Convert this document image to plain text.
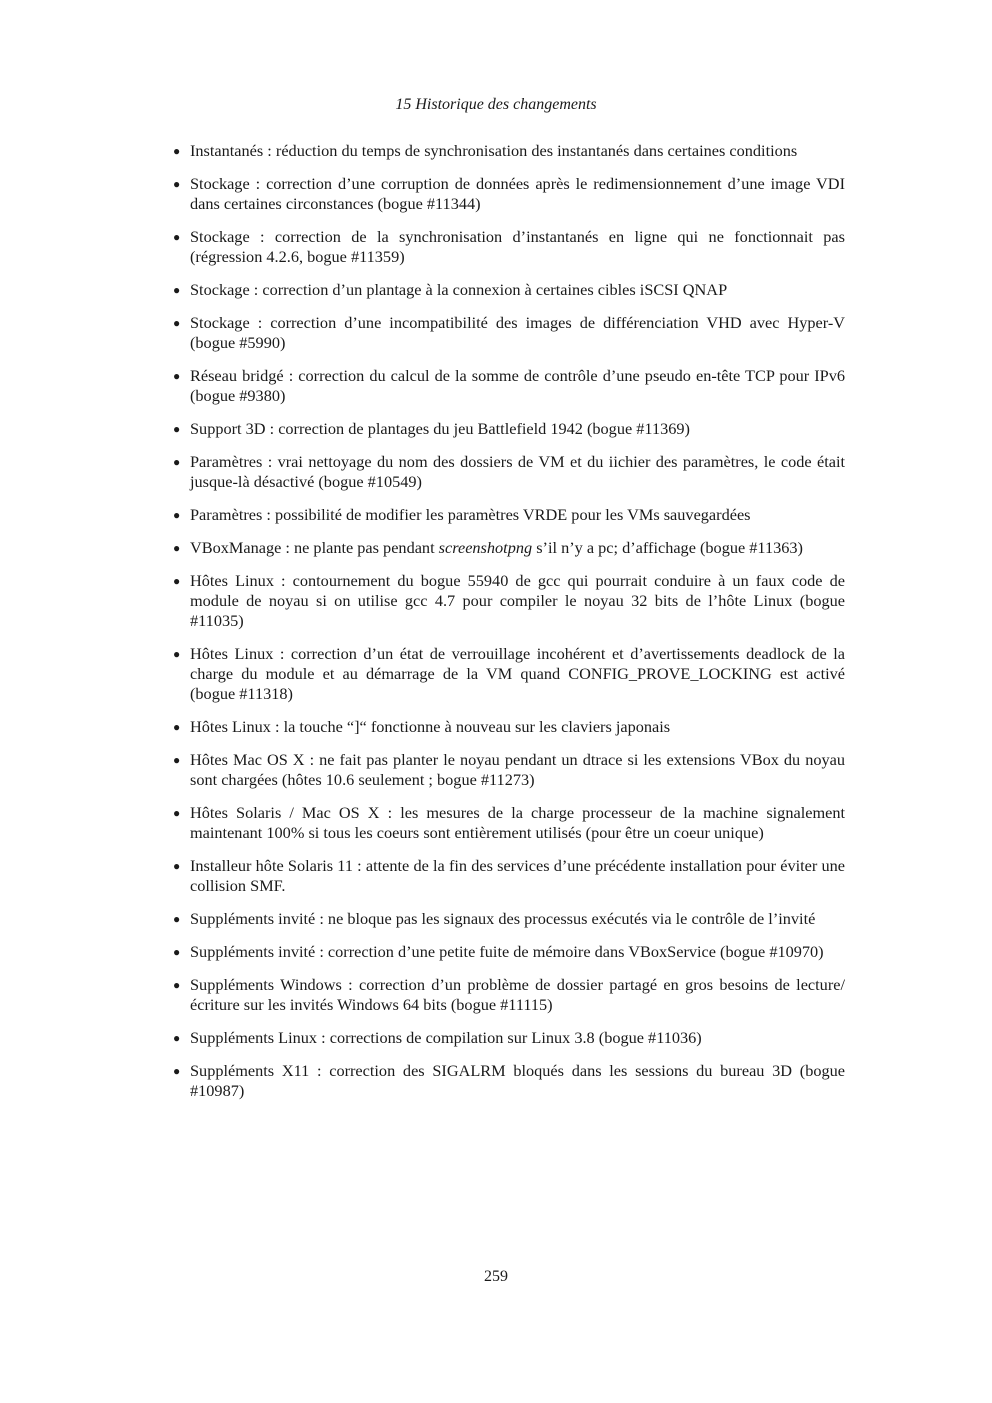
15 Historique des changements
● Instantanés : réduction du temps de synchronisation des instantanés dans certaines conditions
● Stockage : correction d’une corruption de données après le redimensionnement d’une image VDI dans certaines circonstances (bogue #11344)
● Stockage : correction de la synchronisation d’instantanés en ligne qui ne fonctionnait pas (régression 4.2.6, bogue #11359)
● Stockage : correction d’un plantage à la connexion à certaines cibles iSCSI QNAP
● Stockage : correction d’une incompatibilité des images de différenciation VHD avec Hyper-V (bogue #5990)
● Réseau bridgé : correction du calcul de la somme de contrôle d’une pseudo en-tête TCP pour IPv6 (bogue #9380)
● Support 3D : correction de plantages du jeu Battlefield 1942 (bogue #11369)
● Paramètres : vrai nettoyage du nom des dossiers de VM et du iichier des paramètres, le code était jusque-là désactivé (bogue #10549)
● Paramètres : possibilité de modifier les paramètres VRDE pour les VMs sauvegardées
● VBoxManage : ne plante pas pendant screenshotpng s’il n’y a pc; d’affichage (bogue #11363)
● Hôtes Linux : contournement du bogue 55940 de gcc qui pourrait conduire à un faux code de module de noyau si on utilise gcc 4.7 pour compiler le noyau 32 bits de l’hôte Linux (bogue #11035)
● Hôtes Linux : correction d’un état de verrouillage incohérent et d’avertissements deadlock de la charge du module et au démarrage de la VM quand CONFIG_PROVE_LOCKING est activé (bogue #11318)
● Hôtes Linux : la touche “]“ fonctionne à nouveau sur les claviers japonais
● Hôtes Mac OS X : ne fait pas planter le noyau pendant un dtrace si les extensions VBox du noyau sont chargées (hôtes 10.6 seulement ; bogue #11273)
● Hôtes Solaris / Mac OS X : les mesures de la charge processeur de la machine signalement maintenant 100% si tous les coeurs sont entièrement utilisés (pour être un coeur unique)
● Installeur hôte Solaris 11 : attente de la fin des services d’une précédente installation pour éviter une collision SMF.
● Suppléments invité : ne bloque pas les signaux des processus exécutés via le contrôle de l’invité
● Suppléments invité : correction d’une petite fuite de mémoire dans VBoxService (bogue #10970)
● Suppléments Windows : correction d’un problème de dossier partagé en gros besoins de lecture/écriture sur les invités Windows 64 bits (bogue #11115)
● Suppléments Linux : corrections de compilation sur Linux 3.8 (bogue #11036)
● Suppléments X11 : correction des SIGALRM bloqués dans les sessions du bureau 3D (bogue #10987)
259
